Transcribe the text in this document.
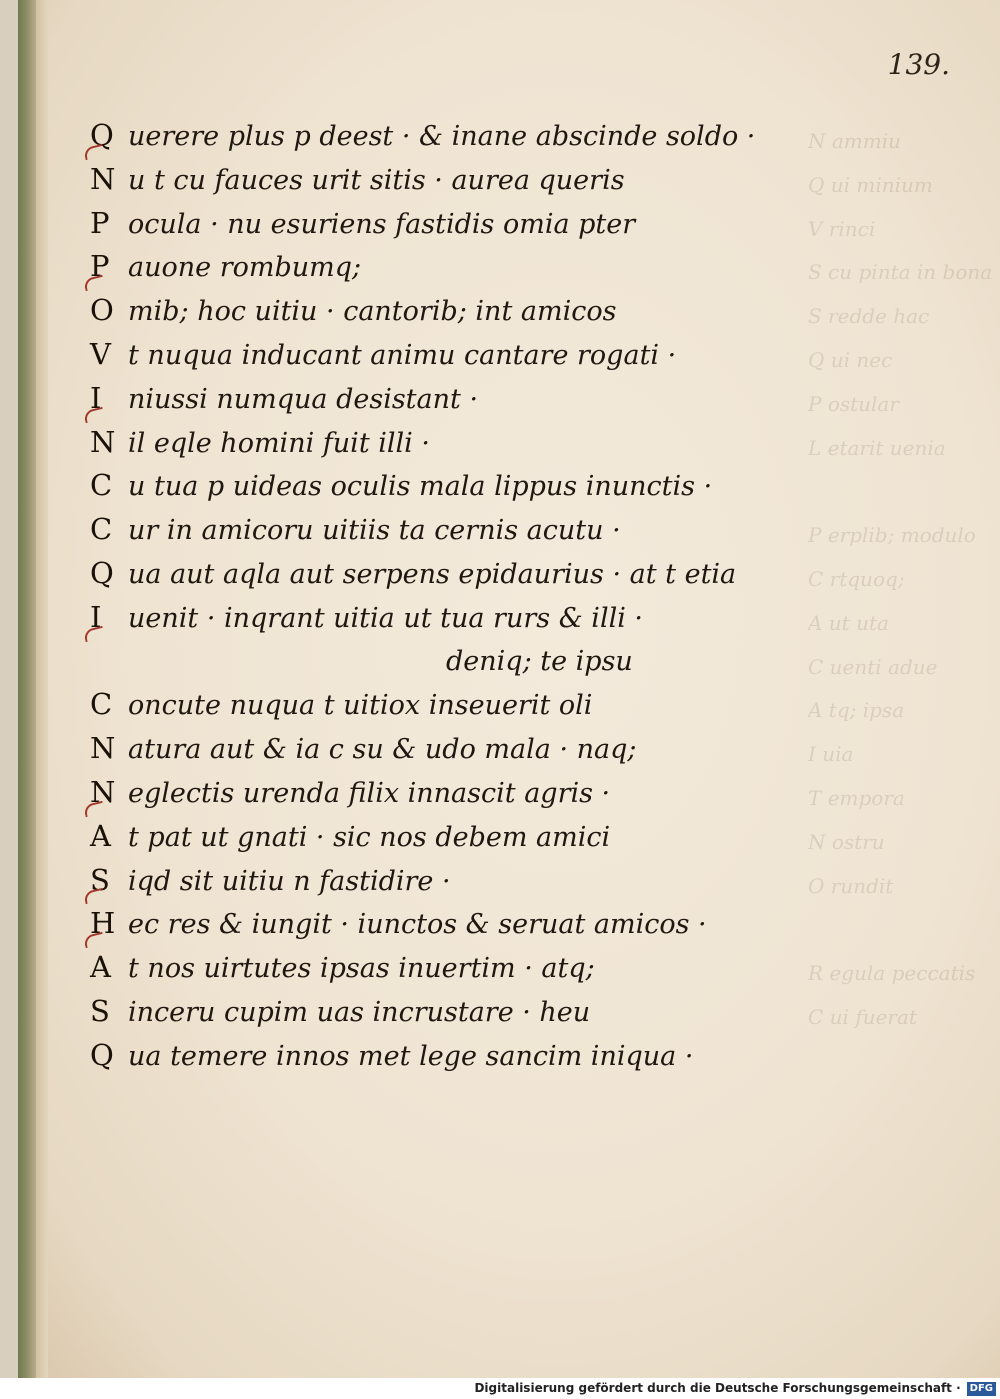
139.
N ammiu
Q ui minium
V rinci
S cu pinta in bona
S redde hac
Q ui nec
P ostular
L etarit uenia
P erplib; modulo
C rtquoq;
A ut uta
C uenti adue
A tq; ipsa
I uia
T empora
N ostru
O rundit
R egula peccatis
C ui fuerat
Q uerere plus p deest · & inane abscinde soldo ·
N u t cu fauces urit sitis · aurea queris
P ocula · nu esuriens fastidis omia pter
P auone rombumq;
O mib; hoc uitiu · cantorib; int amicos
V t nuqua inducant animu cantare rogati ·
I niussi numqua desistant ·
N il eqle homini fuit illi ·
C u tua p uideas oculis mala lippus inunctis ·
C ur in amicoru uitiis ta cernis acutu ·
Q ua aut aqla aut serpens epidaurius · at t etia
I uenit · inqrant uitia ut tua rurs & illi ·
deniq; te ipsu
C oncute nuqua t uitiox inseuerit oli
N atura aut & ia c su & udo mala · naq;
N eglectis urenda filix innascit agris ·
A t pat ut gnati · sic nos debem amici
S iqd sit uitiu n fastidire ·
H ec res & iungit · iunctos & seruat amicos ·
A t nos uirtutes ipsas inuertim · atq;
S inceru cupim uas incrustare · heu
Q ua temere innos met lege sancim iniqua ·
Digitalisierung gefördert durch die Deutsche Forschungsgemeinschaft · DFG
